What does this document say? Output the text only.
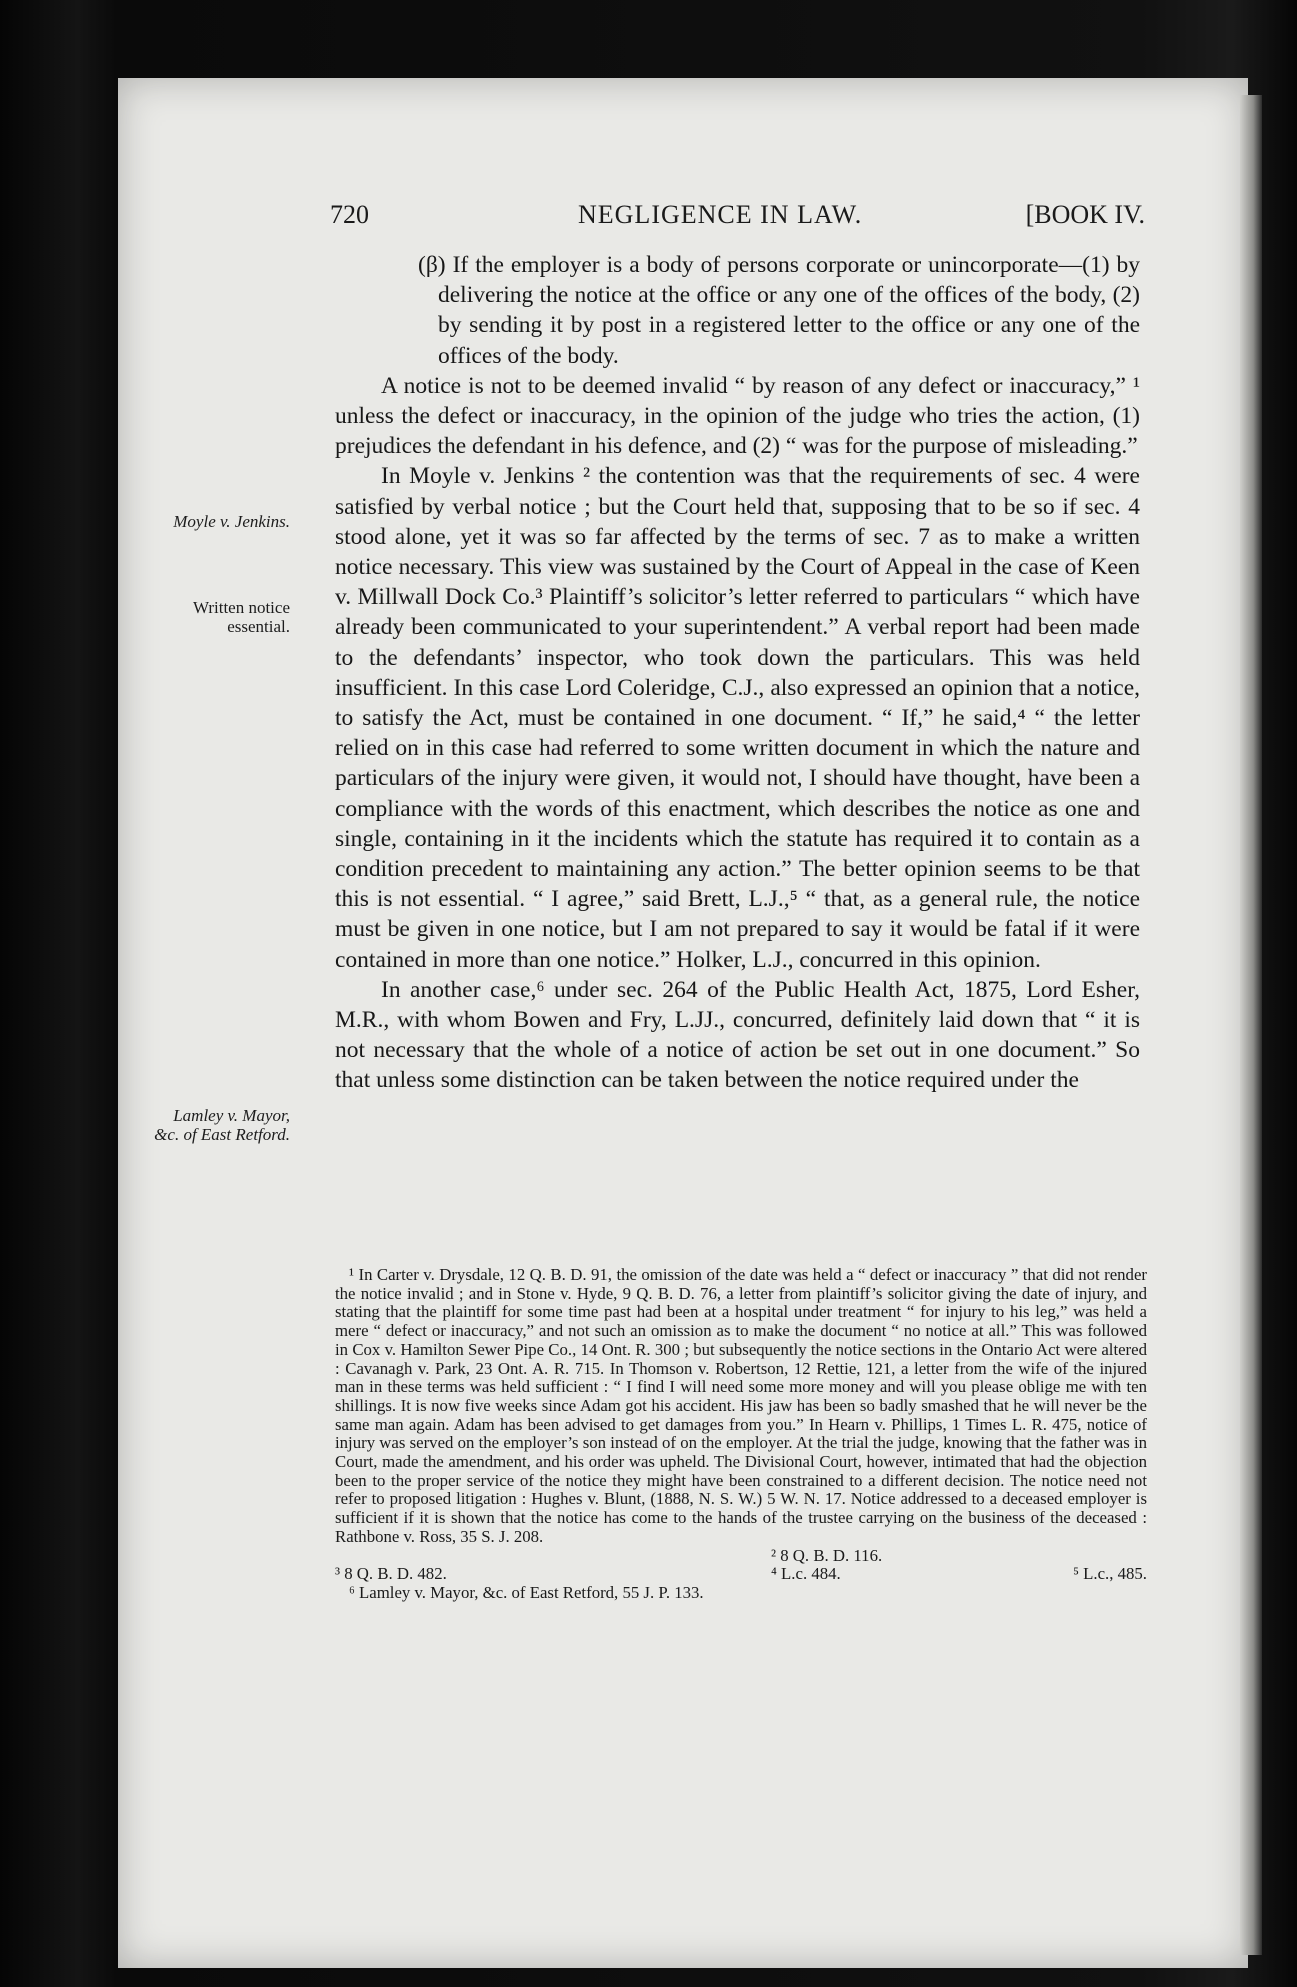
720	NEGLIGENCE IN LAW.	[BOOK IV.
Moyle v. Jenkins.
Written notice essential.
Lamley v. Mayor, &c. of East Retford.

(β) If the employer is a body of persons corporate or unincorporate—(1) by delivering the notice at the office or any one of the offices of the body, (2) by sending it by post in a registered letter to the office or any one of the offices of the body.

A notice is not to be deemed invalid “ by reason of any defect or inaccuracy,” ¹ unless the defect or inaccuracy, in the opinion of the judge who tries the action, (1) prejudices the defendant in his defence, and (2) “ was for the purpose of misleading.”

In Moyle v. Jenkins ² the contention was that the requirements of sec. 4 were satisfied by verbal notice ; but the Court held that, supposing that to be so if sec. 4 stood alone, yet it was so far affected by the terms of sec. 7 as to make a written notice necessary. This view was sustained by the Court of Appeal in the case of Keen v. Millwall Dock Co.³ Plaintiff’s solicitor’s letter referred to particulars “ which have already been communicated to your superintendent.” A verbal report had been made to the defendants’ inspector, who took down the particulars. This was held insufficient. In this case Lord Coleridge, C.J., also expressed an opinion that a notice, to satisfy the Act, must be contained in one document. “ If,” he said,⁴ “ the letter relied on in this case had referred to some written document in which the nature and particulars of the injury were given, it would not, I should have thought, have been a compliance with the words of this enactment, which describes the notice as one and single, containing in it the incidents which the statute has required it to contain as a condition precedent to maintaining any action.” The better opinion seems to be that this is not essential. “ I agree,” said Brett, L.J.,⁵ “ that, as a general rule, the notice must be given in one notice, but I am not prepared to say it would be fatal if it were contained in more than one notice.” Holker, L.J., concurred in this opinion.

In another case,⁶ under sec. 264 of the Public Health Act, 1875, Lord Esher, M.R., with whom Bowen and Fry, L.JJ., concurred, definitely laid down that “ it is not necessary that the whole of a notice of action be set out in one document.” So that unless some distinction can be taken between the notice required under the

¹ In Carter v. Drysdale, 12 Q. B. D. 91, the omission of the date was held a “ defect or inaccuracy ” that did not render the notice invalid ; and in Stone v. Hyde, 9 Q. B. D. 76, a letter from plaintiff’s solicitor giving the date of injury, and stating that the plaintiff for some time past had been at a hospital under treatment “ for injury to his leg,” was held a mere “ defect or inaccuracy,” and not such an omission as to make the document “ no notice at all.” This was followed in Cox v. Hamilton Sewer Pipe Co., 14 Ont. R. 300 ; but subsequently the notice sections in the Ontario Act were altered : Cavanagh v. Park, 23 Ont. A. R. 715. In Thomson v. Robertson, 12 Rettie, 121, a letter from the wife of the injured man in these terms was held sufficient : “ I find I will need some more money and will you please oblige me with ten shillings. It is now five weeks since Adam got his accident. His jaw has been so badly smashed that he will never be the same man again. Adam has been advised to get damages from you.” In Hearn v. Phillips, 1 Times L. R. 475, notice of injury was served on the employer’s son instead of on the employer. At the trial the judge, knowing that the father was in Court, made the amendment, and his order was upheld. The Divisional Court, however, intimated that had the objection been to the proper service of the notice they might have been constrained to a different decision. The notice need not refer to proposed litigation : Hughes v. Blunt, (1888, N. S. W.) 5 W. N. 17. Notice addressed to a deceased employer is sufficient if it is shown that the notice has come to the hands of the trustee carrying on the business of the deceased : Rathbone v. Ross, 35 S. J. 208.

² 8 Q. B. D. 116.
³ 8 Q. B. D. 482.	⁴ L.c. 484.	⁵ L.c., 485.

⁶ Lamley v. Mayor, &c. of East Retford, 55 J. P. 133.
